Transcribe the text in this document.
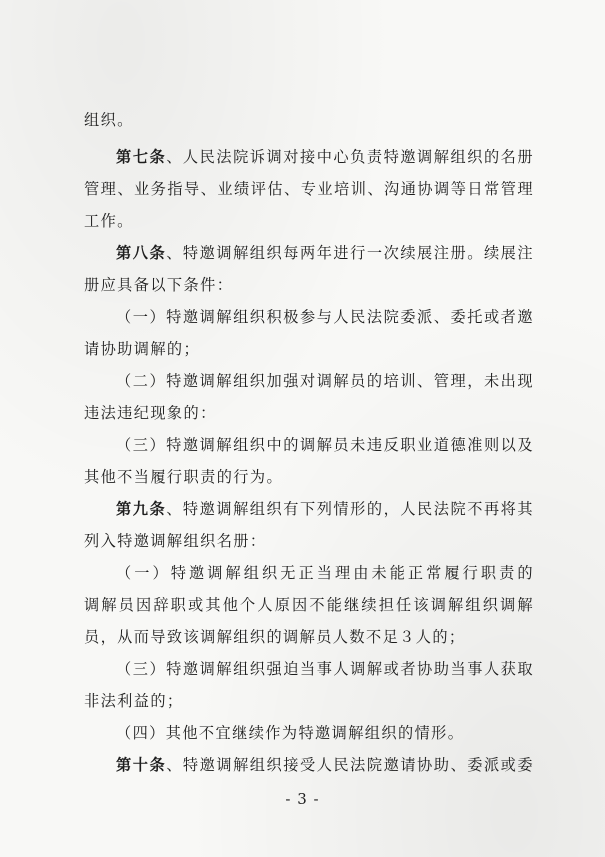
组织。
第七条、人民法院诉调对接中心负责特邀调解组织的名册
管理、业务指导、业绩评估、专业培训、沟通协调等日常管理
工作。
第八条、特邀调解组织每两年进行一次续展注册。续展注
册应具备以下条件：
（一）特邀调解组织积极参与人民法院委派、委托或者邀
请协助调解的；
（二）特邀调解组织加强对调解员的培训、管理，未出现
违法违纪现象的：
（三）特邀调解组织中的调解员未违反职业道德准则以及
其他不当履行职责的行为。
第九条、特邀调解组织有下列情形的，人民法院不再将其
列入特邀调解组织名册：
（一）特邀调解组织无正当理由未能正常履行职责的
调解员因辞职或其他个人原因不能继续担任该调解组织调解
员，从而导致该调解组织的调解员人数不足３人的；
（三）特邀调解组织强迫当事人调解或者协助当事人获取
非法利益的；
（四）其他不宜继续作为特邀调解组织的情形。
第十条、特邀调解组织接受人民法院邀请协助、委派或委
- 3 -
